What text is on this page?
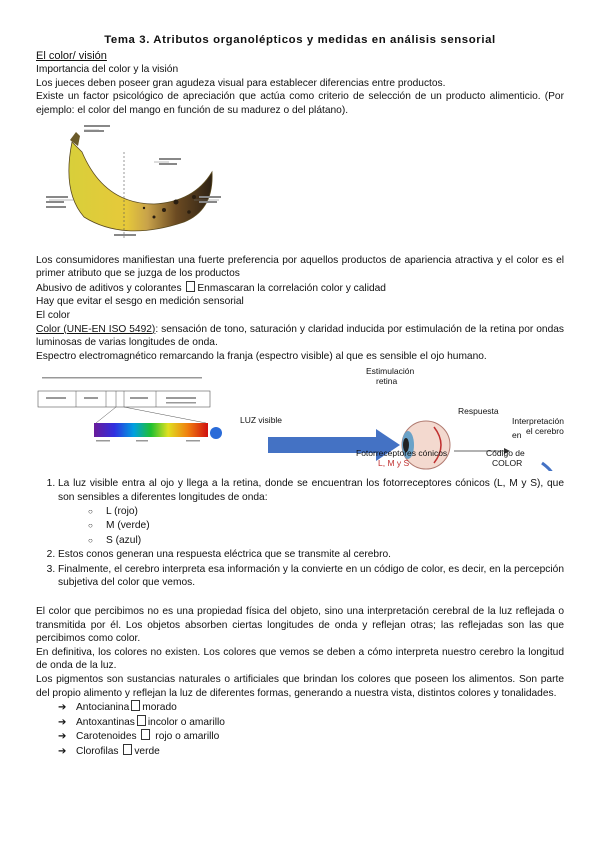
Tema 3. Atributos organolépticos y medidas en análisis sensorial
El color/ visión

Importancia del color y la visión

Los jueces deben poseer gran agudeza visual para establecer diferencias entre productos.

Existe un factor psicológico de apreciación que actúa como criterio de selección de un producto alimenticio. (Por ejemplo: el color del mango en función de su madurez o del plátano).

Los consumidores manifiestan una fuerte preferencia por aquellos productos de apariencia atractiva y el color es el primer atributo que se juzga de los productos

Abusivo de aditivos y colorantes Enmascaran la correlación color y calidad

Hay que evitar el sesgo en medición sensorial

El color

Color (UNE-EN ISO 5492): sensación de tono, saturación y claridad inducida por estimulación de la retina por ondas luminosas de varias longitudes de onda.

Espectro electromagnético remarcando la franja (espectro visible) al que es sensible el ojo humano.

LUZ visible
Estimulación
retina
Respuesta
Interpretación en el cerebro
Código de
COLOR
Fotorreceptores cónicos
L, M y S
1. La luz visible entra al ojo y llega a la retina, donde se encuentran los fotorreceptores cónicos (L, M y S), que son sensibles a diferentes longitudes de onda:
○ L (rojo)
○ M (verde)
○ S (azul)
2. Estos conos generan una respuesta eléctrica que se transmite al cerebro.
3. Finalmente, el cerebro interpreta esa información y la convierte en un código de color, es decir, en la percepción subjetiva del color que vemos.

El color que percibimos no es una propiedad física del objeto, sino una interpretación cerebral de la luz reflejada o transmitida por él. Los objetos absorben ciertas longitudes de onda y reflejan otras; las reflejadas son las que percibimos como color.

En definitiva, los colores no existen. Los colores que vemos se deben a cómo interpreta nuestro cerebro la longitud de onda de la luz.

Los pigmentos son sustancias naturales o artificiales que brindan los colores que poseen los alimentos. Son parte del propio alimento y reflejan la luz de diferentes formas, generando a nuestra vista, distintos colores y tonalidades.

➔ Antocianina morado
➔ Antoxantinas incolor o amarillo
➔ Carotenoides rojo o amarillo
➔ Clorofilas verde
